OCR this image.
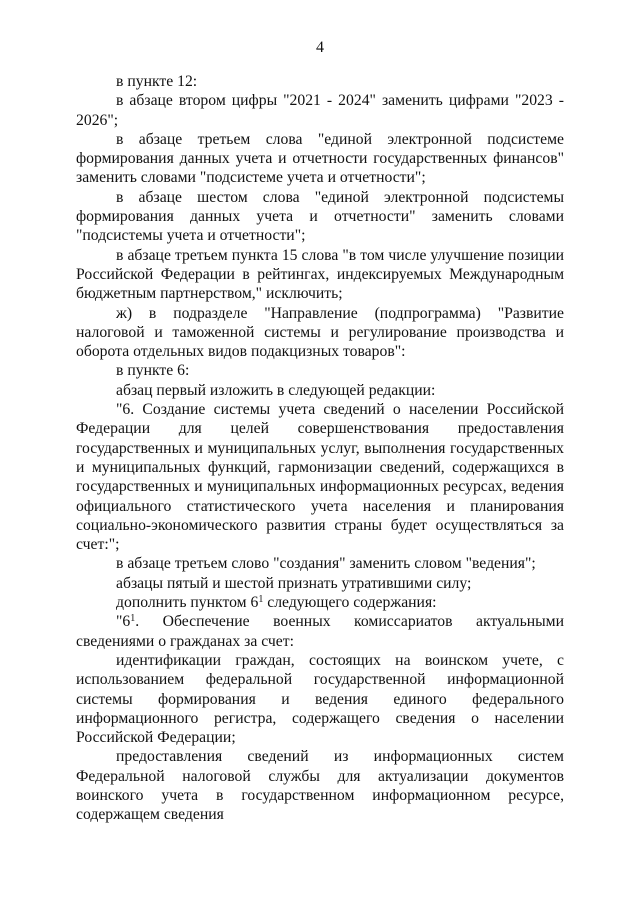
4

в пункте 12:

в абзаце втором цифры "2021 - 2024" заменить цифрами "2023 - 2026";

в абзаце третьем слова "единой электронной подсистеме формирования данных учета и отчетности государственных финансов" заменить словами "подсистеме учета и отчетности";

в абзаце шестом слова "единой электронной подсистемы формирования данных учета и отчетности" заменить словами "подсистемы учета и отчетности";

в абзаце третьем пункта 15 слова "в том числе улучшение позиции Российской Федерации в рейтингах, индексируемых Международным бюджетным партнерством," исключить;

ж) в подразделе "Направление (подпрограмма) "Развитие налоговой и таможенной системы и регулирование производства и оборота отдельных видов подакцизных товаров":

в пункте 6:

абзац первый изложить в следующей редакции:

"6. Создание системы учета сведений о населении Российской Федерации для целей совершенствования предоставления государственных и муниципальных услуг, выполнения государственных и муниципальных функций, гармонизации сведений, содержащихся в государственных и муниципальных информационных ресурсах, ведения официального статистического учета населения и планирования социально-экономического развития страны будет осуществляться за счет:";

в абзаце третьем слово "создания" заменить словом "ведения";

абзацы пятый и шестой признать утратившими силу;

дополнить пунктом $6^1$ следующего содержания:

"$6^1$. Обеспечение военных комиссариатов актуальными сведениями о гражданах за счет:

идентификации граждан, состоящих на воинском учете, с использованием федеральной государственной информационной системы формирования и ведения единого федерального информационного регистра, содержащего сведения о населении Российской Федерации;

предоставления сведений из информационных систем Федеральной налоговой службы для актуализации документов воинского учета в государственном информационном ресурсе, содержащем сведения
